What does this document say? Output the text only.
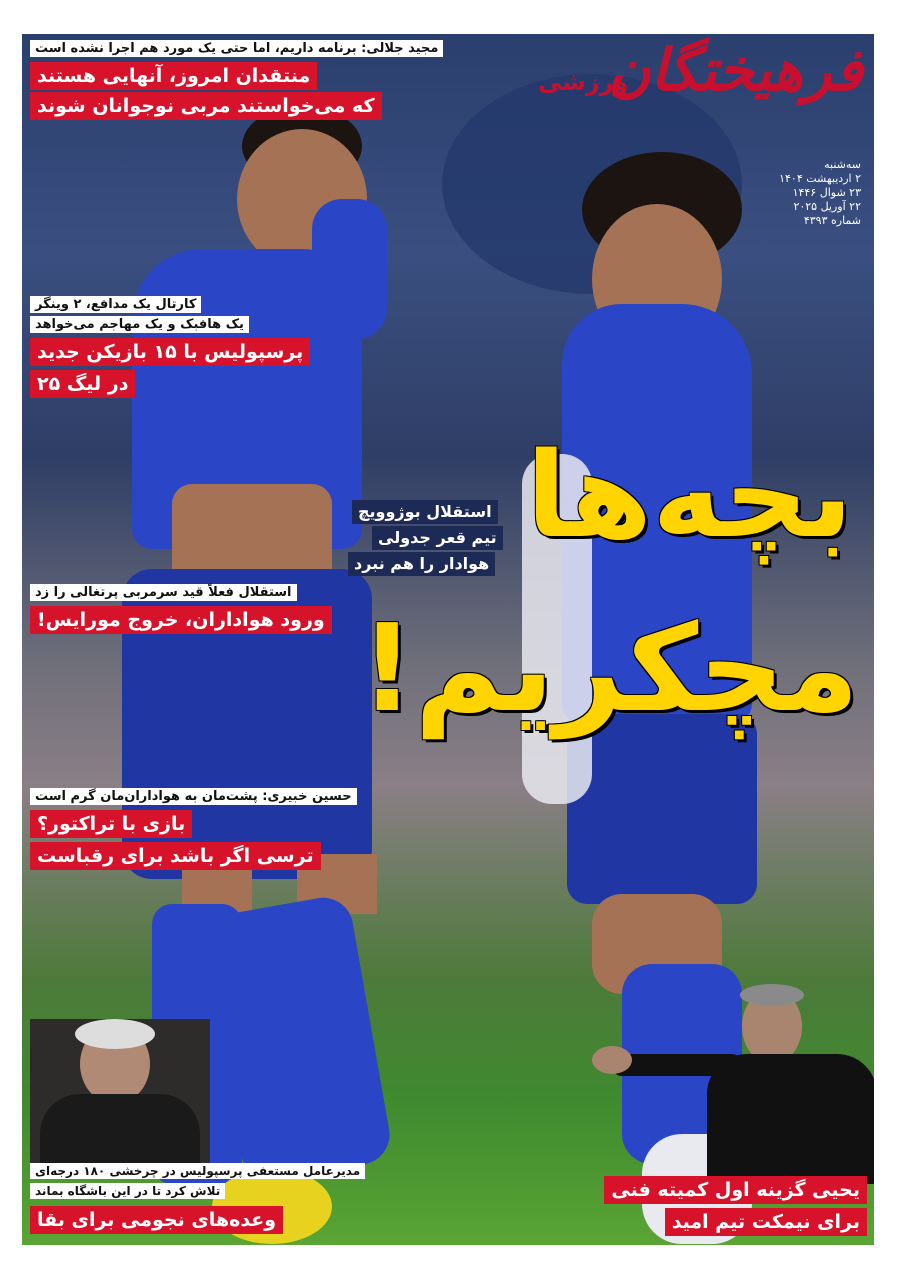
فرهیختگان
ورزشی
سه‌شنبه
۲ اردیبهشت ۱۴۰۴
۲۳ شوال ۱۴۴۶
۲۲ آوریل ۲۰۲۵
شماره ۴۳۹۳
مجید جلالی: برنامه داریم، اما حتی یک مورد هم اجرا نشده است
منتقدان امروز، آنهایی هستند
که می‌خواستند مربی نوجوانان شوند
کارتال یک مدافع، ۲ وینگر
یک هافبک و یک مهاجم می‌خواهد
پرسپولیس با ۱۵ بازیکن جدید
در لیگ ۲۵
استقلال بوژوویچ
تیم قعر جدولی
هوادار را هم نبرد بچه‌ها
مچکریم!
استقلال فعلاً قید سرمربی پرتغالی را زد
ورود هواداران، خروج مورایس!
حسین خبیری: پشت‌مان به هواداران‌مان گرم است
بازی با تراکتور؟
ترسی اگر باشد برای رقباست
مدیرعامل مستعفی پرسپولیس در چرخشی ۱۸۰ درجه‌ای
تلاش کرد تا در این باشگاه بماند
وعده‌های نجومی برای بقا
یحیی گزینه اول کمیته فنی
برای نیمکت تیم امید
